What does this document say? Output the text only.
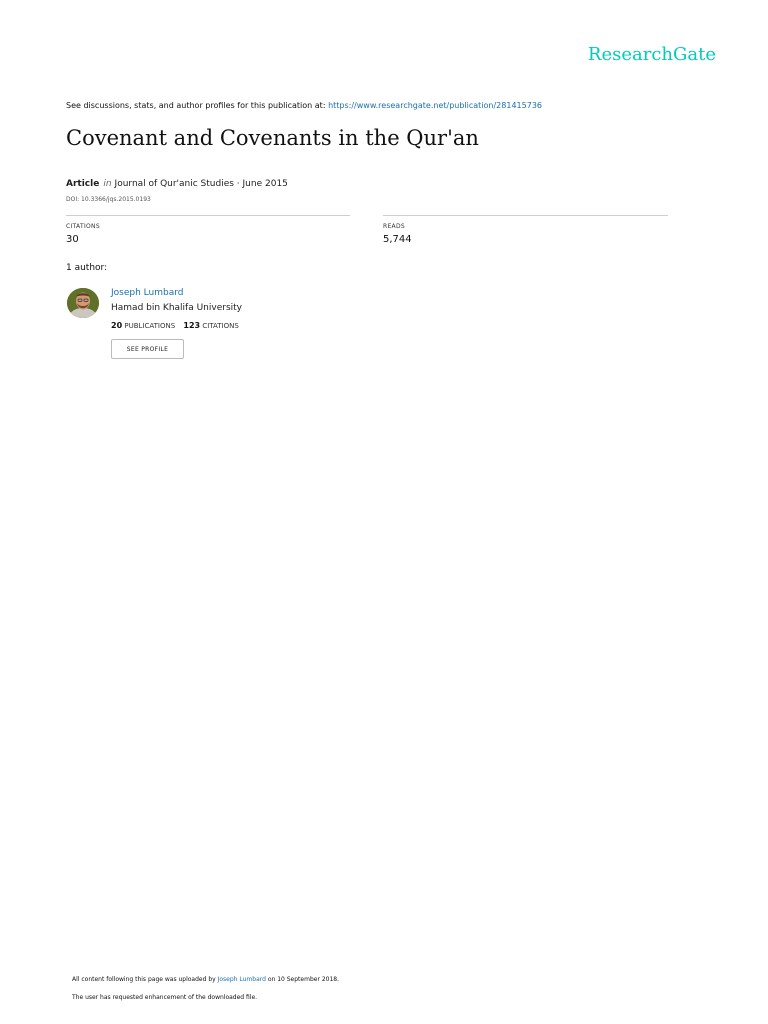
ResearchGate
See discussions, stats, and author profiles for this publication at: https://www.researchgate.net/publication/281415736
Covenant and Covenants in the Qur'an
Article in Journal of Qur'anic Studies · June 2015
DOI: 10.3366/jqs.2015.0193
CITATIONS
30
READS
5,744
1 author:
Joseph Lumbard
Hamad bin Khalifa University
20 PUBLICATIONS 123 CITATIONS
SEE PROFILE
All content following this page was uploaded by Joseph Lumbard on 10 September 2018.
The user has requested enhancement of the downloaded file.
